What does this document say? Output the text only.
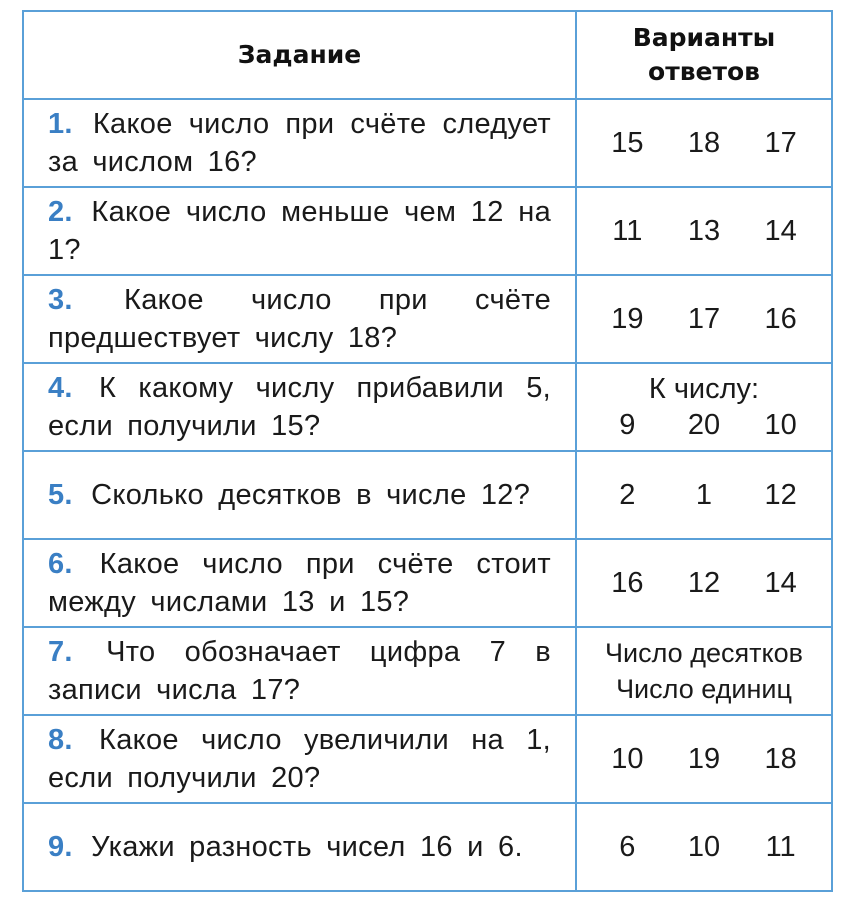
Задание	Варианты
ответов

1. Какое число при счёте следует за числом 16?	15 18 17

2. Какое число меньше чем 12 на 1?	11 13 14

3. Какое число при счёте предшествует числу 18?	19 17 16

4. К какому числу прибавили 5, если получили 15?	К числу:
9 20 10

5. Сколько десятков в числе 12?	2 1 12

6. Какое число при счёте стоит между числами 13 и 15?	16 12 14

7. Что обозначает цифра 7 в записи числа 17?	Число десятков
Число единиц

8. Какое число увеличили на 1, если получили 20?	10 19 18

9. Укажи разность чисел 16 и 6.	6 10 11
